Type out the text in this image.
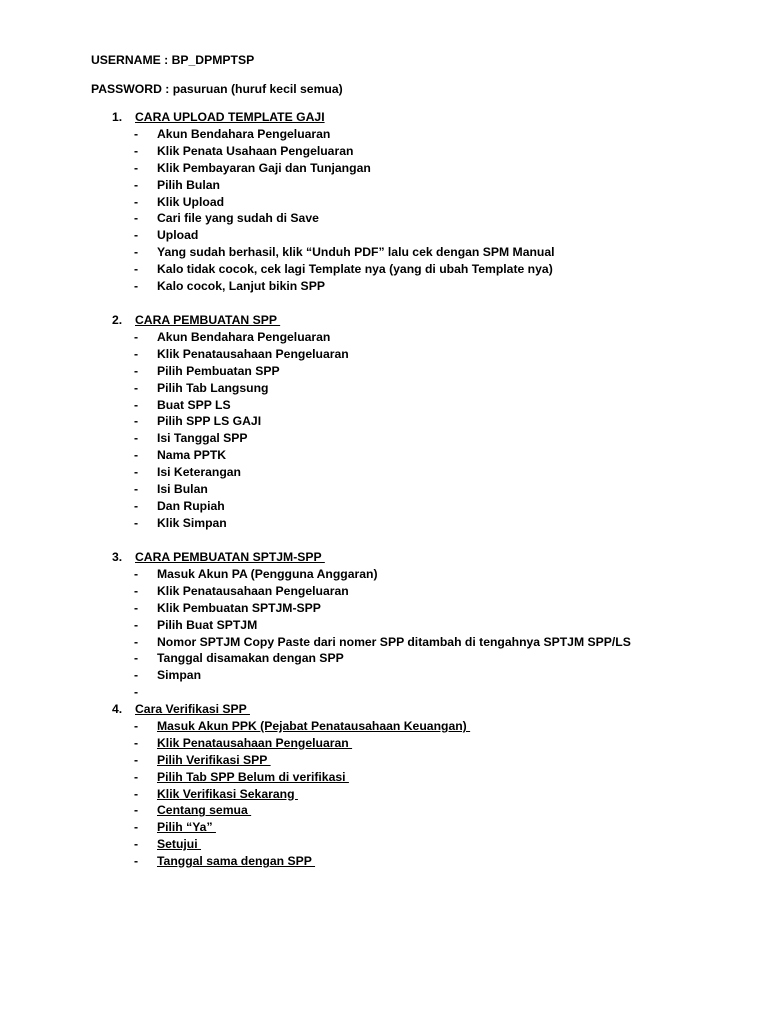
USERNAME : BP_DPMPTSP
PASSWORD : pasuruan (huruf kecil semua)
1.	CARA UPLOAD TEMPLATE GAJI
-	Akun Bendahara Pengeluaran
-	Klik Penata Usahaan Pengeluaran
-	Klik Pembayaran Gaji dan Tunjangan
-	Pilih Bulan
-	Klik Upload
-	Cari file yang sudah di Save
-	Upload
-	Yang sudah berhasil, klik “Unduh PDF” lalu cek dengan SPM Manual
-	Kalo tidak cocok, cek lagi Template nya (yang di ubah Template nya)
-	Kalo cocok, Lanjut bikin SPP
2.	CARA PEMBUATAN SPP
-	Akun Bendahara Pengeluaran
-	Klik Penatausahaan Pengeluaran
-	Pilih Pembuatan SPP
-	Pilih Tab Langsung
-	Buat SPP LS
-	Pilih SPP LS GAJI
-	Isi Tanggal SPP
-	Nama PPTK
-	Isi Keterangan
-	Isi Bulan
-	Dan Rupiah
-	Klik Simpan
3.	CARA PEMBUATAN SPTJM-SPP
-	Masuk Akun PA (Pengguna Anggaran)
-	Klik Penatausahaan Pengeluaran
-	Klik Pembuatan SPTJM-SPP
-	Pilih Buat SPTJM
-	Nomor SPTJM Copy Paste dari nomer SPP ditambah di tengahnya SPTJM SPP/LS
-	Tanggal disamakan dengan SPP
-	Simpan
-
4.	Cara Verifikasi SPP
-	Masuk Akun PPK (Pejabat Penatausahaan Keuangan)
-	Klik Penatausahaan Pengeluaran
-	Pilih Verifikasi SPP
-	Pilih Tab SPP Belum di verifikasi
-	Klik Verifikasi Sekarang
-	Centang semua
-	Pilih “Ya”
-	Setujui
-	Tanggal sama dengan SPP
